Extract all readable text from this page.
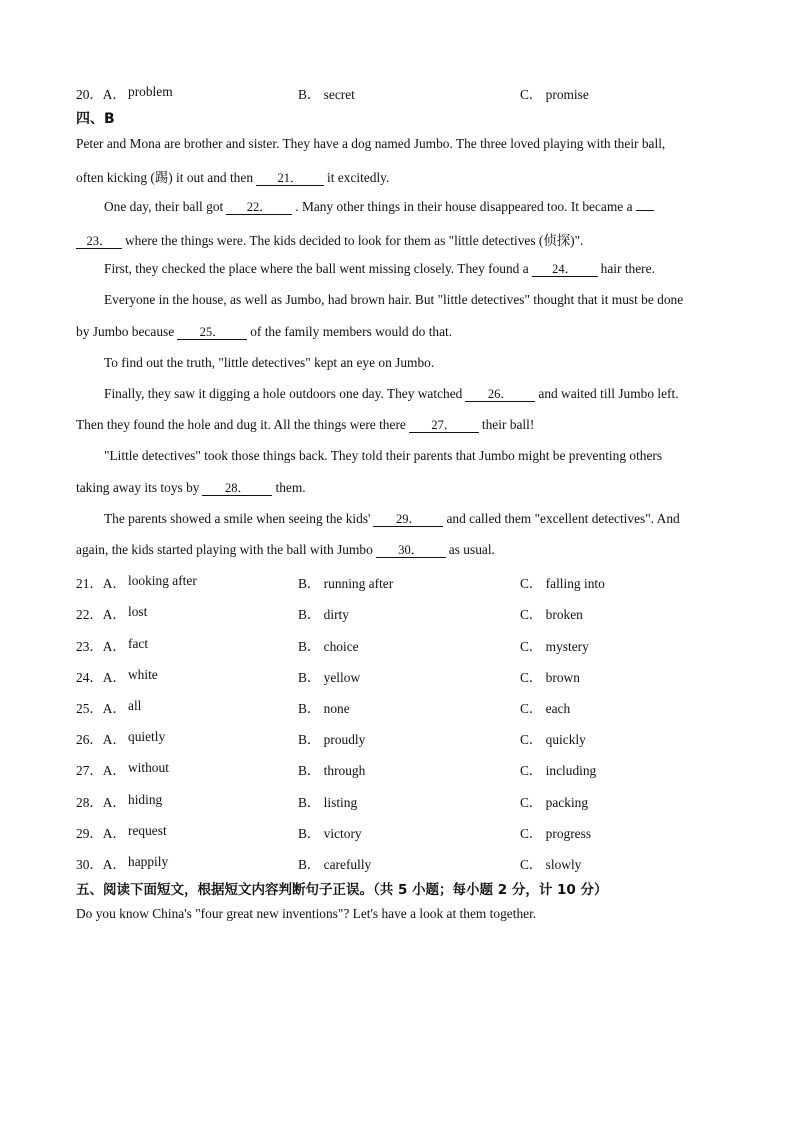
20．A． problem	B． secret	C． promise
四、B
Peter and Mona are brother and sister. They have a dog named Jumbo. The three loved playing with their ball,
often kicking (踢) it out and then 21． it excitedly.
One day, their ball got 22． . Many other things in their house disappeared too. It became a
23． where the things were. The kids decided to look for them as "little detectives (侦探)".
First, they checked the place where the ball went missing closely. They found a 24． hair there.
Everyone in the house, as well as Jumbo, had brown hair. But "little detectives" thought that it must be done
by Jumbo because 25． of the family members would do that.
To find out the truth, "little detectives" kept an eye on Jumbo.
Finally, they saw it digging a hole outdoors one day. They watched 26． and waited till Jumbo left.
Then they found the hole and dug it. All the things were there 27． their ball!
"Little detectives" took those things back. They told their parents that Jumbo might be preventing others
taking away its toys by 28． them.
The parents showed a smile when seeing the kids' 29． and called them "excellent detectives". And
again, the kids started playing with the ball with Jumbo 30． as usual.
21．A． looking after	B． running after	C． falling into
22．A． lost	B． dirty	C． broken
23．A． fact	B． choice	C． mystery
24．A． white	B． yellow	C． brown
25．A． all	B． none	C． each
26．A． quietly	B． proudly	C． quickly
27．A． without	B． through	C． including
28．A． hiding	B． listing	C． packing
29．A． request	B． victory	C． progress
30．A． happily	B． carefully	C． slowly
五、阅读下面短文，根据短文内容判断句子正误。（共 5 小题；每小题 2 分，计 10 分）
Do you know China's "four great new inventions"? Let's have a look at them together.
